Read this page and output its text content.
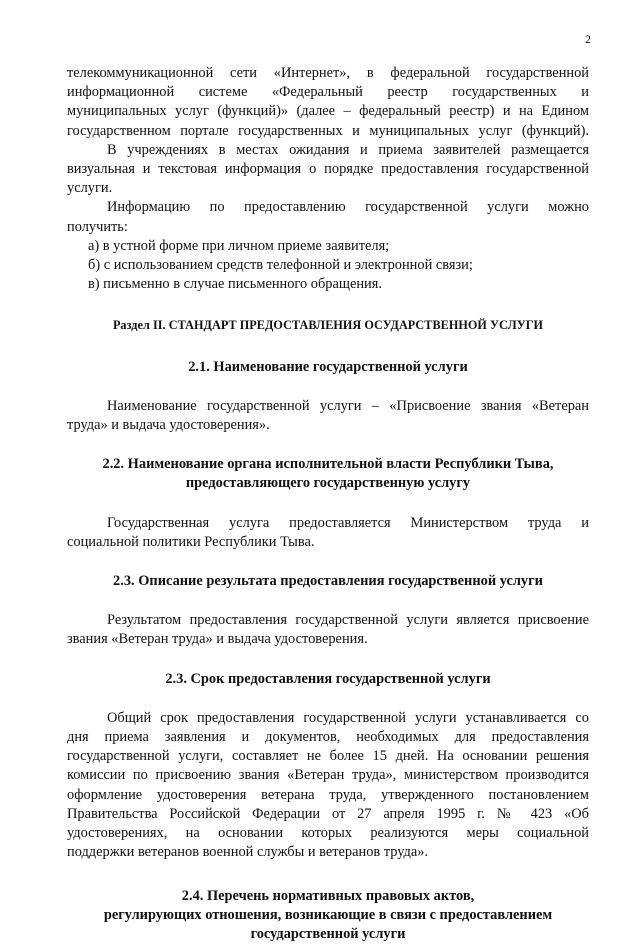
2

телекоммуникационной сети «Интернет», в федеральной государственной

информационной системе «Федеральный реестр государственных и

муниципальных услуг (функций)» (далее – федеральный реестр) и на Едином

государственном портале государственных и муниципальных услуг (функций).

В учреждениях в местах ожидания и приема заявителей размещается

визуальная и текстовая информация о порядке предоставления государственной

услуги.

Информацию по предоставлению государственной услуги можно

получить:

а) в устной форме при личном приеме заявителя;

б) с использованием средств телефонной и электронной связи;

в) письменно в случае письменного обращения.

Раздел II. СТАНДАРТ ПРЕДОСТАВЛЕНИЯ ОСУДАРСТВЕННОЙ УСЛУГИ
2.1. Наименование государственной услуги

Наименование государственной услуги – «Присвоение звания «Ветеран

труда» и выдача удостоверения».

2.2. Наименование органа исполнительной власти Республики Тыва,
предоставляющего государственную услугу

Государственная услуга предоставляется Министерством труда и

социальной политики Республики Тыва.

2.3. Описание результата предоставления государственной услуги

Результатом предоставления государственной услуги является присвоение

звания «Ветеран труда» и выдача удостоверения.

2.3. Срок предоставления государственной услуги

Общий срок предоставления государственной услуги устанавливается со

дня приема заявления и документов, необходимых для предоставления

государственной услуги, составляет не более 15 дней. На основании решения

комиссии по присвоению звания «Ветеран труда», министерством производится

оформление удостоверения ветерана труда, утвержденного постановлением

Правительства Российской Федерации от 27 апреля 1995 г. № 423 «Об

удостоверениях, на основании которых реализуются меры социальной

поддержки ветеранов военной службы и ветеранов труда».

2.4. Перечень нормативных правовых актов,
регулирующих отношения, возникающие в связи с предоставлением
государственной услуги
